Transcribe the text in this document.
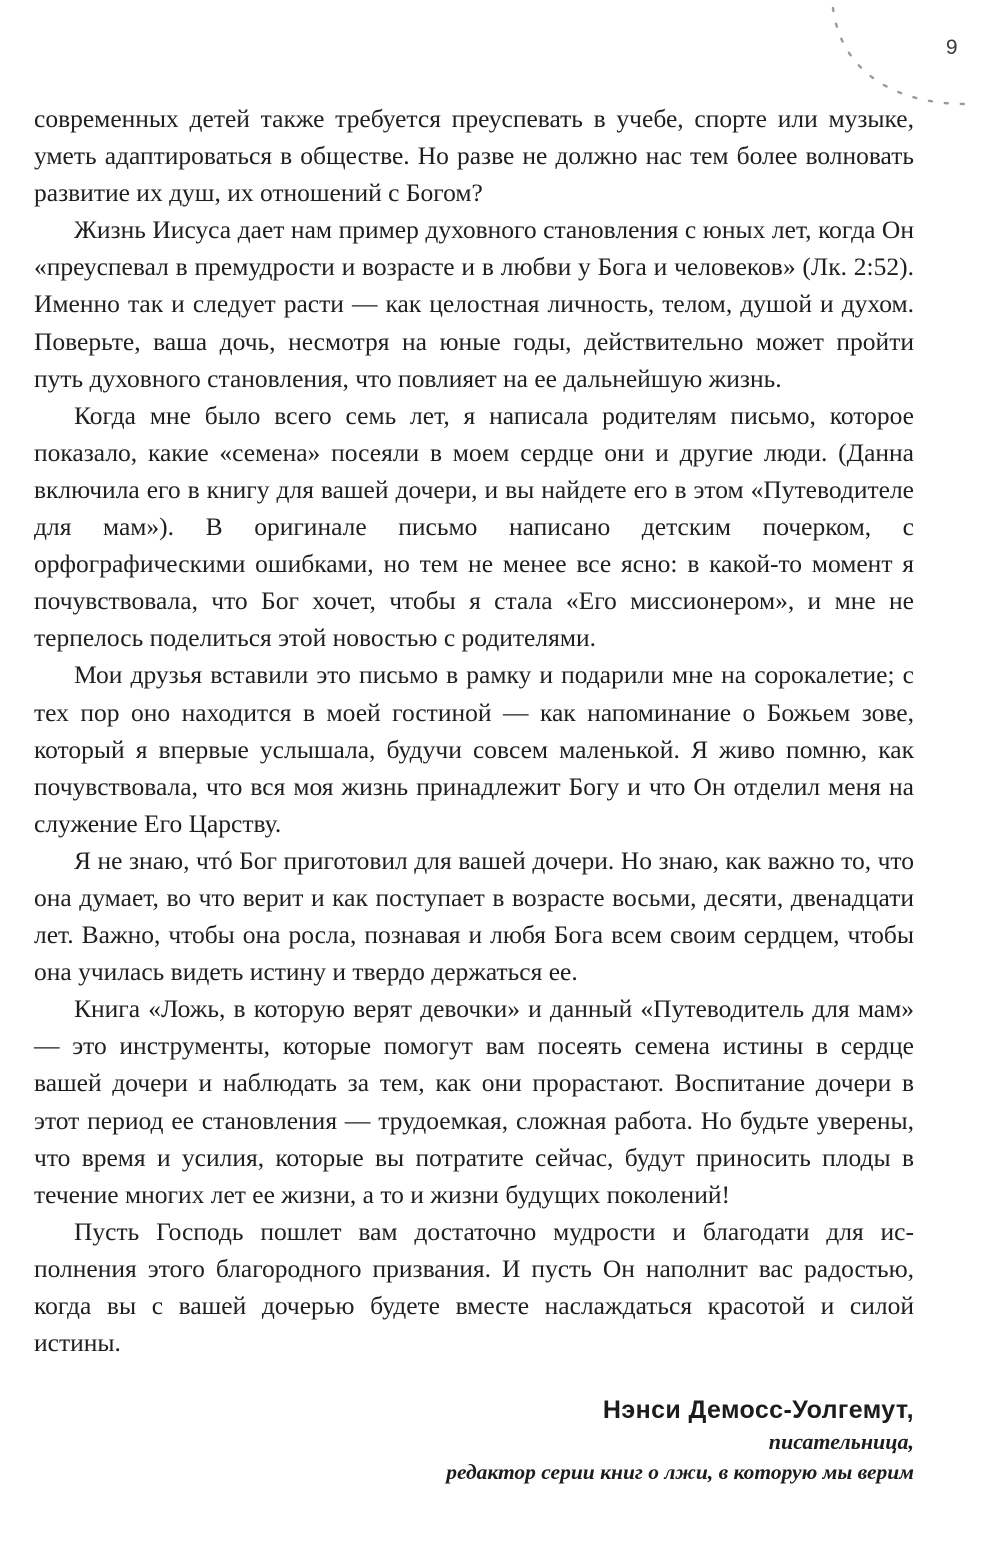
9

современных детей также требуется преуспевать в учебе, спорте или музыке, уметь адаптироваться в обществе. Но разве не должно нас тем более волновать развитие их душ, их отношений с Богом?

Жизнь Иисуса дает нам пример духовного становления с юных лет, когда Он «преуспевал в премудрости и возрасте и в любви у Бога и человеков» (Лк. 2:52). Именно так и следует расти — как целостная личность, телом, душой и духом. Поверьте, ваша дочь, несмотря на юные годы, действительно может пройти путь духовного становления, что повлияет на ее дальнейшую жизнь.

Когда мне было всего семь лет, я написала родителям письмо, которое показало, какие «семена» посеяли в моем сердце они и другие люди. (Данна включила его в книгу для вашей дочери, и вы найдете его в этом «Путеводителе для мам»). В оригинале письмо написано детским почерком, с орфографическими ошибками, но тем не менее все ясно: в какой-то момент я почувствовала, что Бог хочет, чтобы я стала «Его миссионером», и мне не терпелось поделиться этой новостью с родителями.

Мои друзья вставили это письмо в рамку и подарили мне на сорокалетие; с тех пор оно находится в моей гостиной — как напоминание о Божьем зове, который я впервые услышала, будучи совсем маленькой. Я живо помню, как почувствовала, что вся моя жизнь принадлежит Богу и что Он отделил меня на служение Его Царству.

Я не знаю, чтó Бог приготовил для вашей дочери. Но знаю, как важно то, что она думает, во что верит и как поступает в возрасте восьми, десяти, двенадцати лет. Важно, чтобы она росла, познавая и любя Бога всем своим сердцем, чтобы она училась видеть истину и твердо держаться ее.

Книга «Ложь, в которую верят девочки» и данный «Путеводитель для мам» — это инструменты, которые помогут вам посеять семена истины в сердце вашей дочери и наблюдать за тем, как они прорастают. Воспитание дочери в этот период ее становления — трудоемкая, сложная работа. Но будьте уверены, что время и усилия, которые вы потратите сейчас, будут приносить плоды в течение многих лет ее жизни, а то и жизни будущих поколений!

Пусть Господь пошлет вам достаточно мудрости и благодати для исполнения этого благородного призвания. И пусть Он наполнит вас радостью, когда вы с вашей дочерью будете вместе наслаждаться красотой и силой истины.

Нэнси Демосс-Уолгемут,
писательница,
редактор серии книг о лжи, в которую мы верим
